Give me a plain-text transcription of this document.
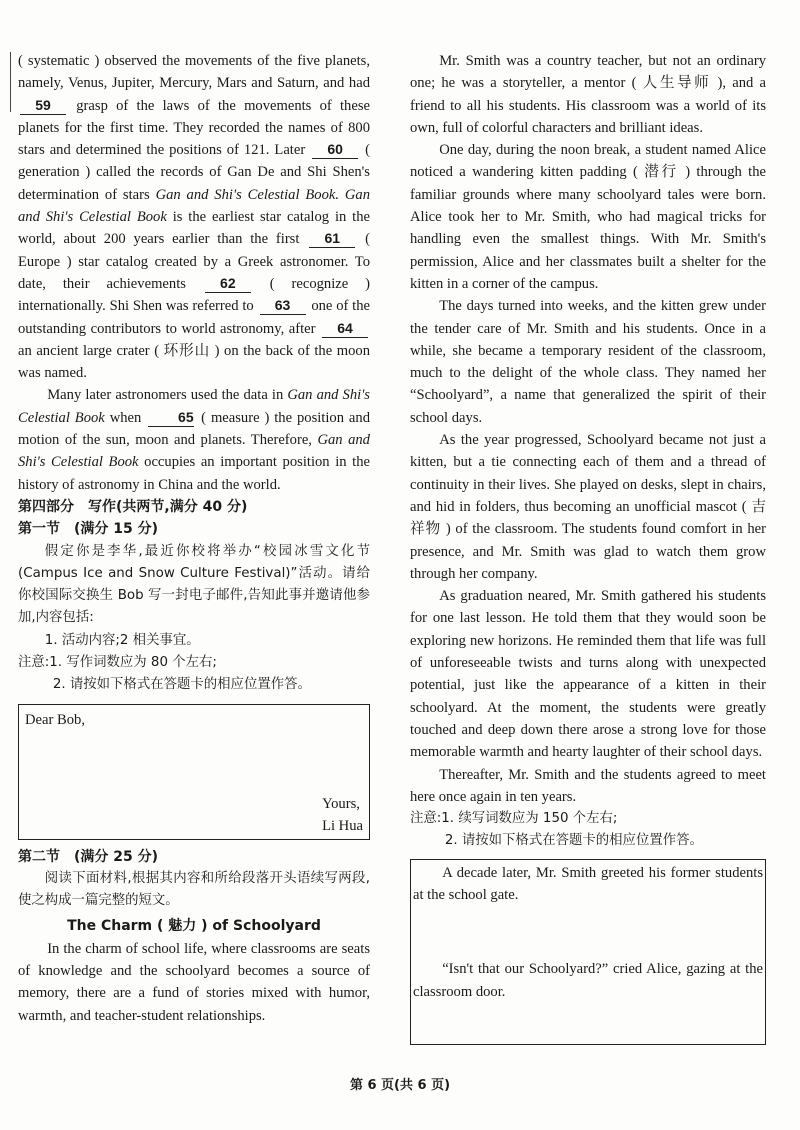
( systematic ) observed the movements of the five planets, namely, Venus, Jupiter, Mercury, Mars and Saturn, and had 59 grasp of the laws of the movements of these planets for the first time. They recorded the names of 800 stars and determined the positions of 121. Later 60 ( generation ) called the records of Gan De and Shi Shen's determination of stars Gan and Shi's Celestial Book. Gan and Shi's Celestial Book is the earliest star catalog in the world, about 200 years earlier than the first 61 ( Europe ) star catalog created by a Greek astronomer. To date, their achievements 62 ( recognize ) internationally. Shi Shen was referred to 63 one of the outstanding contributors to world astronomy, after 64 an ancient large crater ( 环形山 ) on the back of the moon was named.

Many later astronomers used the data in Gan and Shi's Celestial Book when	65 ( measure ) the position and motion of the sun, moon and planets. Therefore, Gan and Shi's Celestial Book occupies an important position in the history of astronomy in China and the world.

第四部分　写作(共两节,满分 40 分)

第一节　(满分 15 分)

假定你是李华,最近你校将举办“校园冰雪文化节(Campus Ice and Snow Culture Festival)”活动。请给你校国际交换生 Bob 写一封电子邮件,告知此事并邀请他参加,内容包括:

1. 活动内容;2 相关事宜。

注意:1. 写作词数应为 80 个左右;

2. 请按如下格式在答题卡的相应位置作答。

Dear Bob,
Yours,
Li Hua

第二节　(满分 25 分)

阅读下面材料,根据其内容和所给段落开头语续写两段,使之构成一篇完整的短文。

The Charm ( 魅力 ) of Schoolyard

In the charm of school life, where classrooms are seats of knowledge and the schoolyard becomes a source of memory, there are a fund of stories mixed with humor, warmth, and teacher-student relationships.

Mr. Smith was a country teacher, but not an ordinary one; he was a storyteller, a mentor ( 人生导师 ), and a friend to all his students. His classroom was a world of its own, full of colorful characters and brilliant ideas.

One day, during the noon break, a student named Alice noticed a wandering kitten padding ( 潜行 ) through the familiar grounds where many schoolyard tales were born. Alice took her to Mr. Smith, who had magical tricks for handling even the smallest things. With Mr. Smith's permission, Alice and her classmates built a shelter for the kitten in a corner of the campus.

The days turned into weeks, and the kitten grew under the tender care of Mr. Smith and his students. Once in a while, she became a temporary resident of the classroom, much to the delight of the whole class. They named her “Schoolyard”, a name that generalized the spirit of their school days.

As the year progressed, Schoolyard became not just a kitten, but a tie connecting each of them and a thread of continuity in their lives. She played on desks, slept in chairs, and hid in folders, thus becoming an unofficial mascot ( 吉祥物 ) of the classroom. The students found comfort in her presence, and Mr. Smith was glad to watch them grow through her company.

As graduation neared, Mr. Smith gathered his students for one last lesson. He told them that they would soon be exploring new horizons. He reminded them that life was full of unforeseeable twists and turns along with unexpected potential, just like the appearance of a kitten in their schoolyard. At the moment, the students were greatly touched and deep down there arose a strong love for those memorable warmth and hearty laughter of their school days.

Thereafter, Mr. Smith and the students agreed to meet here once again in ten years.

注意:1. 续写词数应为 150 个左右;

2. 请按如下格式在答题卡的相应位置作答。

A decade later, Mr. Smith greeted his former students at the school gate.

“Isn't that our Schoolyard?” cried Alice, gazing at the classroom door.

第 6 页(共 6 页)
